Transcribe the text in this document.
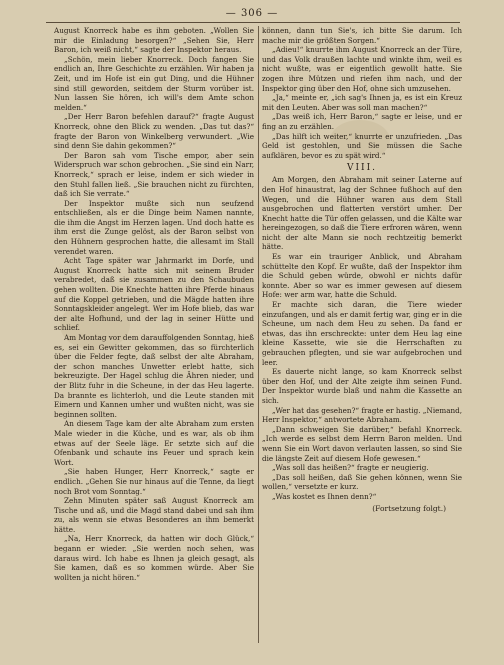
— 306 —

August Knorreck habe es ihm geboten. „Wollen Sie mir die Einladung besorgen?“ „Sehen Sie, Herr Baron, ich weiß nicht,“ sagte der Inspektor heraus.

„Schön, mein lieber Knorreck. Doch fangen Sie endlich an, Ihre Geschichte zu erzählen. Wir haben ja Zeit, und im Hofe ist ein gut Ding, und die Hühner sind still geworden, seitdem der Sturm vorüber ist. Nun lassen Sie hören, ich will's dem Amte schon melden.“

„Der Herr Baron befehlen darauf?“ fragte August Knorreck, ohne den Blick zu wenden. „Das tut das?“ fragte der Baron von Winkelberg verwundert. „Wie sind denn Sie dahin gekommen?“

Der Baron sah vom Tische empor, aber sein Widerspruch war schon gebrochen. „Sie sind ein Narr, Knorreck,“ sprach er leise, indem er sich wieder in den Stuhl fallen ließ. „Sie brauchen nicht zu fürchten, daß ich Sie verrate.“

Der Inspektor mußte sich nun seufzend entschließen, als er die Dinge beim Namen nannte, die ihm die Angst im Herzen lagen. Und doch hatte es ihm erst die Zunge gelöst, als der Baron selbst von den Hühnern gesprochen hatte, die allesamt im Stall verendet waren.

Acht Tage später war Jahrmarkt im Dorfe, und August Knorreck hatte sich mit seinem Bruder verabredet, daß sie zusammen zu den Schaubuden gehen wollten. Die Knechte hatten ihre Pferde hinaus auf die Koppel getrieben, und die Mägde hatten ihre Sonntagskleider angelegt. Wer im Hofe blieb, das war der alte Hofhund, und der lag in seiner Hütte und schlief.

Am Montag vor dem darauffolgenden Sonntag, hieß es, sei ein Gewitter gekommen, das so fürchterlich über die Felder fegte, daß selbst der alte Abraham, der schon manches Unwetter erlebt hatte, sich bekreuzigte. Der Hagel schlug die Ähren nieder, und der Blitz fuhr in die Scheune, in der das Heu lagerte. Da brannte es lichterloh, und die Leute standen mit Eimern und Kannen umher und wußten nicht, was sie beginnen sollten.

An diesem Tage kam der alte Abraham zum ersten Male wieder in die Küche, und es war, als ob ihm etwas auf der Seele läge. Er setzte sich auf die Ofenbank und schaute ins Feuer und sprach kein Wort.

„Sie haben Hunger, Herr Knorreck,“ sagte er endlich. „Gehen Sie nur hinaus auf die Tenne, da liegt noch Brot vom Sonntag.“

Zehn Minuten später saß August Knorreck am Tische und aß, und die Magd stand dabei und sah ihm zu, als wenn sie etwas Besonderes an ihm bemerkt hätte.

„Na, Herr Knorreck, da hatten wir doch Glück,“ begann er wieder. „Sie werden noch sehen, was daraus wird. Ich habe es Ihnen ja gleich gesagt, als Sie kamen, daß es so kommen würde. Aber Sie wollten ja nicht hören.“

können, dann tun Sie's, ich bitte Sie darum. Ich mache mir die größten Sorgen.“

„Adieu!“ knurrte ihm August Knorreck an der Türe, und das Volk draußen lachte und winkte ihm, weil es nicht wußte, was er eigentlich gewollt hatte. Sie zogen ihre Mützen und riefen ihm nach, und der Inspektor ging über den Hof, ohne sich umzusehen.

„Ja,“ meinte er, „ich sag's Ihnen ja, es ist ein Kreuz mit den Leuten. Aber was soll man machen?“

„Das weiß ich, Herr Baron,“ sagte er leise, und er fing an zu erzählen.

„Das hilft ich weiter,“ knurrte er unzufrieden. „Das Geld ist gestohlen, und Sie müssen die Sache aufklären, bevor es zu spät wird.“

VIII.

Am Morgen, den Abraham mit seiner Laterne auf den Hof hinaustrat, lag der Schnee fußhoch auf den Wegen, und die Hühner waren aus dem Stall ausgebrochen und flatterten verstört umher. Der Knecht hatte die Tür offen gelassen, und die Kälte war hereingezogen, so daß die Tiere erfroren wären, wenn nicht der alte Mann sie noch rechtzeitig bemerkt hätte.

Es war ein trauriger Anblick, und Abraham schüttelte den Kopf. Er wußte, daß der Inspektor ihm die Schuld geben würde, obwohl er nichts dafür konnte. Aber so war es immer gewesen auf diesem Hofe: wer arm war, hatte die Schuld.

Er machte sich daran, die Tiere wieder einzufangen, und als er damit fertig war, ging er in die Scheune, um nach dem Heu zu sehen. Da fand er etwas, das ihn erschreckte: unter dem Heu lag eine kleine Kassette, wie sie die Herrschaften zu gebrauchen pflegten, und sie war aufgebrochen und leer.

Es dauerte nicht lange, so kam Knorreck selbst über den Hof, und der Alte zeigte ihm seinen Fund. Der Inspektor wurde blaß und nahm die Kassette an sich.

„Wer hat das gesehen?“ fragte er hastig. „Niemand, Herr Inspektor,“ antwortete Abraham.

„Dann schweigen Sie darüber,“ befahl Knorreck. „Ich werde es selbst dem Herrn Baron melden. Und wenn Sie ein Wort davon verlauten lassen, so sind Sie die längste Zeit auf diesem Hofe gewesen.“

„Was soll das heißen?“ fragte er neugierig.

„Das soll heißen, daß Sie gehen können, wenn Sie wollen,“ versetzte er kurz.

„Was kostet es Ihnen denn?“

(Fortsetzung folgt.)
